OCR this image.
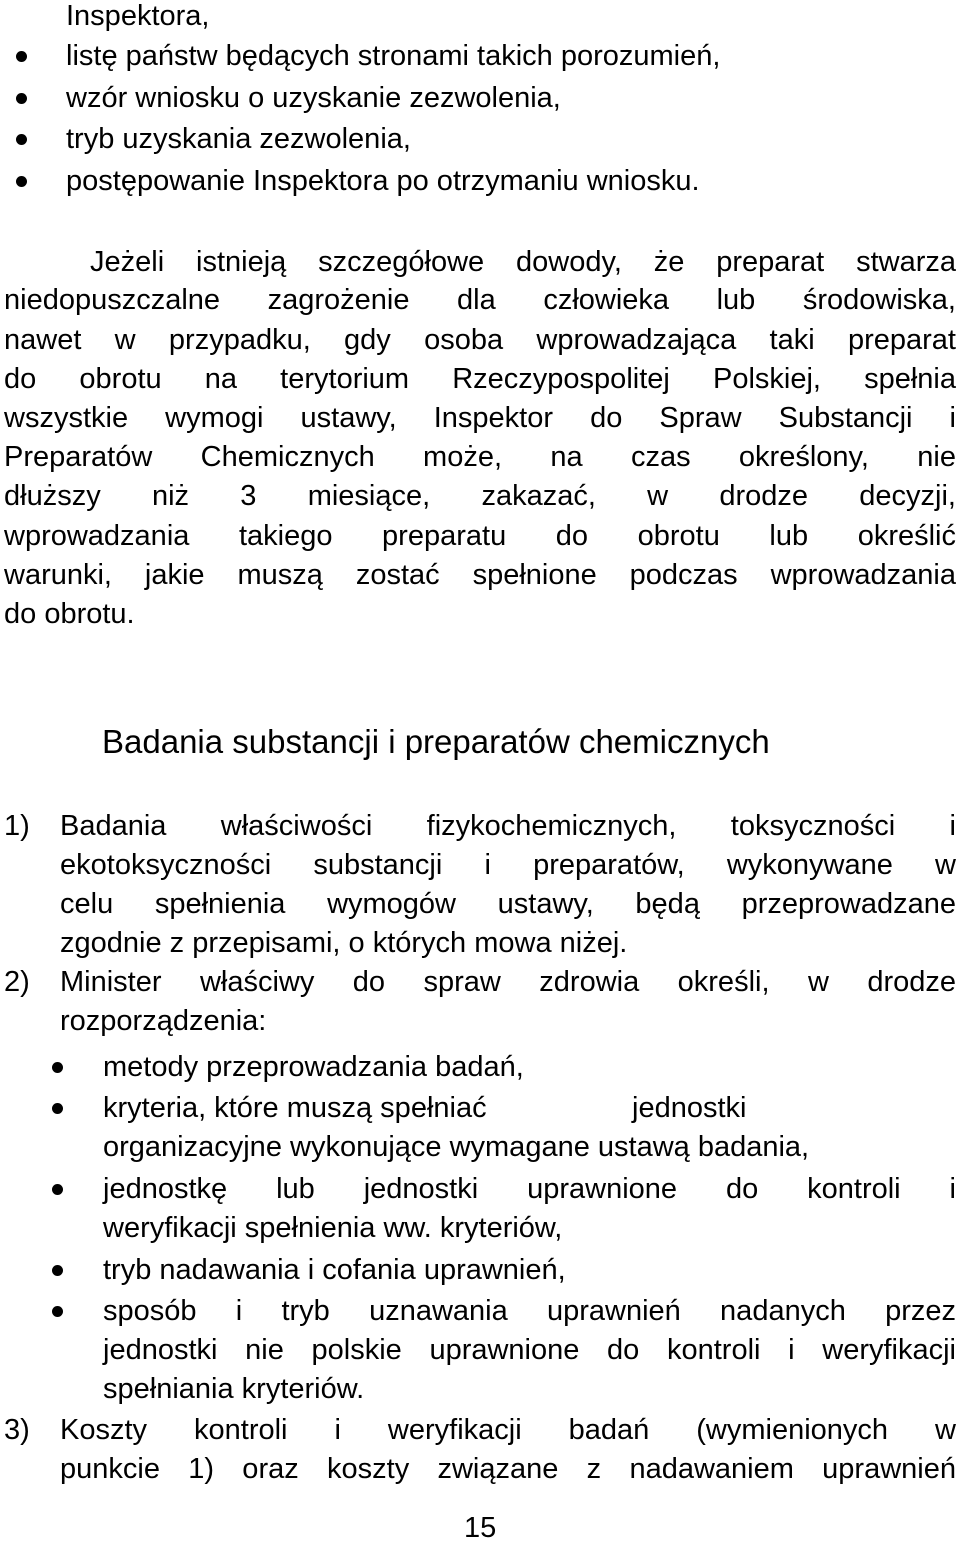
Inspektora,
listę państw będących stronami takich porozumień,
wzór wniosku o uzyskanie zezwolenia,
tryb uzyskania zezwolenia,
postępowanie Inspektora po otrzymaniu wniosku.
Jeżeli istnieją szczegółowe dowody, że preparat stwarza
niedopuszczalne zagrożenie dla człowieka lub środowiska,
nawet w przypadku, gdy osoba wprowadzająca taki preparat
do obrotu na terytorium Rzeczypospolitej Polskiej, spełnia
wszystkie wymogi ustawy, Inspektor do Spraw Substancji i
Preparatów Chemicznych może, na czas określony, nie
dłuższy niż 3 miesiące, zakazać, w drodze decyzji,
wprowadzania takiego preparatu do obrotu lub określić
warunki, jakie muszą zostać spełnione podczas wprowadzania
do obrotu.
Badania substancji i preparatów chemicznych
1) Badania właściwości fizykochemicznych, toksyczności i
ekotoksyczności substancji i preparatów, wykonywane w
celu spełnienia wymogów ustawy, będą przeprowadzane
zgodnie z przepisami, o których mowa niżej.
2) Minister właściwy do spraw zdrowia określi, w drodze
rozporządzenia:
metody przeprowadzania badań,
kryteria, które muszą spełniać	jednostki
organizacyjne wykonujące wymagane ustawą badania,
jednostkę lub jednostki uprawnione do kontroli i
weryfikacji spełnienia ww. kryteriów,
tryb nadawania i cofania uprawnień,
sposób i tryb uznawania uprawnień nadanych przez
jednostki nie polskie uprawnione do kontroli i weryfikacji
spełniania kryteriów.
3) Koszty kontroli i weryfikacji badań (wymienionych w
punkcie 1) oraz koszty związane z nadawaniem uprawnień
15
